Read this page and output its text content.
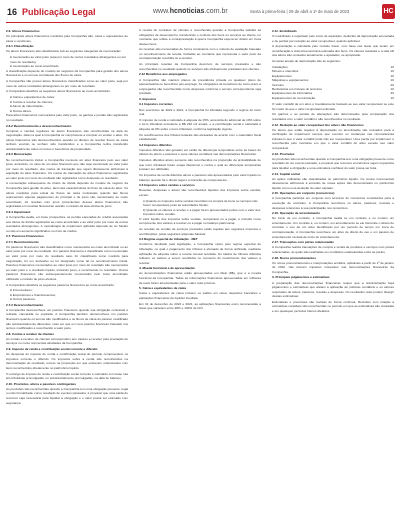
16 Publicação Legal	www.hcnoticias.com.br	Sexta à prima-feira | 29 de abril a 1º de maio de 2023	HC
2.6. Ativos Financeiros
Os principais ativos financeiros mantidos pela Companhia são: caixa e equivalentes de caixa e recebíveis.
2.6.1 Classificação
Os ativos financeiros são classificados sob as seguintes categorias de mensuração:
● mensurados ao valor justo (seja por meio de outros resultados abrangentes ou por meio do resultado),
● mensurados ao custo amortizado.
A classificação depende do modelo de negócios da Companhia para gestão dos ativos financeiros e os termos contratuais dos fluxos de caixa.
A Companhia não possui ativos financeiros classificados como ao valor justo, seja por meio de outros resultados abrangentes ou por meio do resultado.
A Companhia classifica os seguintes ativos financeiros ao custo amortizado:
● Caixa e equivalentes de caixa;
● Contas a receber de clientes;
● Ativos de indenização;
● Outros ativos.
Para ativos financeiros mensurados pelo valor justo, os ganhos e perdas são registrados no resultado.
2.6.2 Reconhecimento e desreconhecimento
Compras e vendas regulares de ativos financeiros são reconhecidas na data de negociação, data na qual a Companhia se compromete a comprar ou vender o ativo. Os ativos financeiros são desreconhecidos quando os direitos de receber fluxos de caixa tenham vencido ou tenham sido transferidos e a Companhia tenha transferido substancialmente todos os riscos e benefícios da propriedade.
2.6.3 Mensuração
No reconhecimento inicial, a Companhia mensura um ativo financeiro pelo seu valor justo, acrescido, no caso de um ativo financeiro que não seja mensurado ao valor justo por meio do resultado, dos custos de transação que sejam diretamente atribuíveis à aquisição do ativo financeiro. Os custos de transação de ativos financeiros registrados ao valor justo por meio do resultado são registrados como despesas no resultado.
A mensuração subsequente de títulos de dívida depende do modelo de negócio da Companhia para gestão do ativo, além das características do fluxo de caixa do ativo. Os ativos mantidos para coleta de fluxos de caixa contratuais quando tais fluxos representam apenas pagamentos do principal e de juros são mensurados ao custo amortizado. As receitas com juros provenientes desses ativos financeiros são registradas em receitas financeiras usando o método da taxa efetiva de juros.
2.6.4 Impairment
A Companhia avalia, em base prospectiva, as perdas esperadas de crédito associadas aos títulos de dívida registrados ao custo amortizado e ao valor justo por meio de outros resultados abrangentes. A metodologia de impairment aplicada depende de ter havido ou não um aumento significativo no risco de crédito.
2.7. Passivos Financeiros
2.7.1 Reconhecimento
Os passivos financeiros são classificados como mensurados ao custo amortizado ou ao valor justo por meio do resultado. Um passivo financeiro é classificado como mensurado ao valor justo por meio do resultado caso for classificado como mantido para negociação, for um derivativo ou for designado como tal no reconhecimento inicial. Passivos financeiros mensurados ao valor justo por meio do resultado são mensurados ao valor justo e o resultado líquido, incluindo juros, é reconhecido no resultado. Outros passivos financeiros são subsequentemente mensurados pelo custo amortizado utilizando o método de juros efetivos.
A Companhia classifica os seguintes passivos financeiros ao custo amortizado:
● Fornecedores;
● Empréstimos e financiamentos;
● Outros passivos.
2.7.2 Desreconhecimento
A Companhia desreconhece um passivo financeiro quando sua obrigação contratual é retirada, cancelada ou expirada. A Companhia também desreconhece um passivo financeiro quando os termos são modificados e os fluxos de caixa do passivo modificado são substancialmente diferentes, caso em que um novo passivo financeiro baseado nos termos modificados é reconhecido a valor justo.
2.8. Contas a receber de clientes
As contas a receber de clientes correspondem aos valores a receber pela prestação de serviços no curso normal das atividades da Companhia.
2.9. Imposto de renda e contribuição social corrente e diferido
As despesas de imposto de renda e contribuição social do período compreendem os impostos corrente e diferido. Os impostos sobre a renda são reconhecidos na demonstração do resultado, exceto na proporção em que estiverem relacionados com itens reconhecidos diretamente no patrimônio líquido.
O encargo de imposto de renda e contribuição social corrente é calculado com base nas leis tributárias promulgadas, ou substancialmente promulgadas, na data do balanço.
2.10. Provisões, ativos e passivos contingentes
As provisões são reconhecidas quando a Companhia tem uma obrigação presente, legal ou não formalizada, como resultado de eventos passados; é provável que uma saída de recursos seja necessária para liquidar a obrigação e o valor possa ser estimado com segurança.
A receita de contratos de clientes é reconhecida quando a Companhia satisfaz as obrigações de desempenho, transferindo o controle dos bens ou serviços ao cliente, no montante que reflete a contraprestação à qual a Companhia espera ter direito em troca desses bens.
As receitas são mensuradas de forma consistente com o método de avaliação baseado no reconhecimento da receita, limitadas ao montante que representa o valor justo da contraprestação recebida ou a receber.
As principais receitas da Companhia decorrem de serviços prestados e são reconhecidas no resultado quando os serviços são efetivamente prestados aos clientes.
2.12 Benefícios aos empregados
A Companhia não mantém planos de previdência privada ou qualquer plano de aposentadoria ou benefícios pós-emprego. As obrigações de benefícios de curto prazo a empregados são reconhecidas como despesas conforme o serviço correspondente seja prestado.
3. Impostos
3.1 Impostos correntes
Nos exercícios de 2022 e 2021, a Companhia foi tributada segundo o regime do lucro real.
O imposto de renda é calculado à alíquota de 15%, acrescida do adicional de 10% sobre o lucro tributável excedente a R$ 240 mil anuais, e a contribuição social é calculada à alíquota de 9% sobre o lucro tributável, conforme legislação vigente.
Os recolhimentos dos tributos federais são efetuados de acordo com o calendário fiscal estabelecido.
3.2 Impostos diferidos
Impostos diferidos são gerados em razão de diferenças temporárias entre as bases de cálculo de ativos e passivos e seus valores contábeis nas demonstrações financeiras.
Impostos diferidos ativos somente são reconhecidos na proporção da probabilidade de que lucro tributável futuro esteja disponível e contra o qual as diferenças temporárias possam ser utilizadas.
Os impostos de renda diferidos ativos e passivos são apresentados pelo valor líquido no balanço quando há o direito legal e a intenção de compensá-los.
3.3 Impostos sobre vendas e serviços
Receitas, despesas e ativos são reconhecidos líquidos dos impostos sobre vendas, exceto:
i) Quando os impostos sobre vendas incorridos na compra de bens ou serviços não forem recuperáveis junto às autoridades fiscais;
ii) Quando os valores a receber e a pagar forem apresentados juntos com o valor dos impostos sobre vendas.
O valor líquido dos impostos sobre vendas, recuperável ou a pagar, é incluído como componente dos valores a receber ou a pagar no balanço patrimonial.
As receitas de vendas de serviços prestados estão sujeitas aos seguintes impostos e contribuições, pelas seguintes alíquotas básicas:
3.4 Regime especial de tributação - RET
Conforme facultado pela legislação, a Companhia optou pelo regime especial de tributação, no qual o pagamento dos tributos é efetuado de forma unificada, mediante aplicação de alíquota sobre a receita mensal recebida. Os saldos de tributos diferidos refletem os valores a serem recolhidos no momento do recebimento dos valores a receber.
4. Moeda funcional e de apresentação
As demonstrações financeiras estão apresentadas em Real (R$), que é a moeda funcional da Companhia. Todas as informações financeiras apresentadas em milhares de reais foram arredondadas para o valor mais próximo.
5. Caixa e equivalentes de caixa
Caixa e equivalentes de caixa incluem os saldos em caixa, depósitos bancários e aplicações financeiras de liquidez imediata.
Em 31 de dezembro de 2022 e 2021, as aplicações financeiras eram remuneradas a taxas que variavam entre 90% e 102% do CDI.
2.11. Imobilizado
O imobilizado é registrado pelo custo de aquisição, deduzido da depreciação acumulada e de perdas por redução ao valor recuperável, quando aplicável.
A depreciação é calculada pelo método linear, com base nas taxas que levam em consideração a vida útil-econômica estimada dos bens. Os valores residuais e a vida útil dos ativos são revisados anualmente e ajustados, se apropriado.
As taxas anuais de depreciação são as seguintes:
Instalações	10
Móveis e utensílios	10
Equipamentos	10
Máquinas e equipamentos	10
Veículos	20
Benfeitorias em imóveis de terceiros	10
Equipamentos de informática	20
Equipamentos de comunicação	10
O valor contábil de um ativo é imediatamente baixado ao seu valor recuperável se este for maior do que o valor recuperável estimado.
Os ganhos e as perdas de alienações são determinados pela comparação dos resultados com o valor contábil e são reconhecidos no resultado.
2.12. Redução ao valor recuperável dos ativos não financeiros
Os ativos que estão sujeitos à depreciação ou amortização são revisados para a verificação de impairment sempre que eventos ou mudanças nas circunstâncias indicarem que o valor contábil pode não ser recuperável. Uma perda por impairment é reconhecida pelo montante em que o valor contábil do ativo excede seu valor recuperável.
2.13. Provisões
As provisões são reconhecidas quando a Companhia tem uma obrigação presente como resultado de um evento passado, é provável que recursos econômicos sejam requeridos para liquidar a obrigação e uma estimativa confiável do valor possa ser feita.
2.14. Capital social
As ações ordinárias são classificadas no patrimônio líquido. Os custos incrementais diretamente atribuíveis à emissão de novas ações são demonstrados no patrimônio líquido como uma dedução do valor captado.
2.15. Operações em conjunto (consórcios)
A Companhia participa em conjunto com terceiros de consórcios constituídos para a execução de contratos. A Companhia reconhece os ativos, passivos, receitas e despesas referentes à sua participação nos consórcios.
2.16. Operação de arrendamento
No início de um contrato, a Companhia avalia se um contrato é ou contém um arrendamento. Um contrato é, ou contém, um arrendamento se ele transmite o direito de controlar o uso de um ativo identificado por um período de tempo em troca de contraprestação. A Companhia reconhece um ativo de direito de uso e um passivo de arrendamento na data de início do arrendamento.
2.17. Transações com partes relacionadas
A Companhia realiza transações de compra e venda de produtos e serviços com partes relacionadas, as quais são realizadas em condições estabelecidas entre as partes.
2.18. Novos pronunciamentos
Os novos pronunciamentos e interpretações emitidos, aplicáveis a partir de 1º de janeiro de 2022, não tiveram impactos relevantes nas demonstrações financeiras da Companhia.
3. Principais julgamentos e estimativas
A preparação das demonstrações financeiras requer que a Administração faça julgamentos e estimativas que afetam a aplicação de políticas contábeis e os valores reportados de ativos, passivos, receitas e despesas. Os resultados reais podem divergir dessas estimativas.
Estimativas e premissas são revistas de forma contínua. Revisões com relação a estimativas contábeis são reconhecidas no período em que as estimativas são revisadas e em quaisquer períodos futuros afetados.
